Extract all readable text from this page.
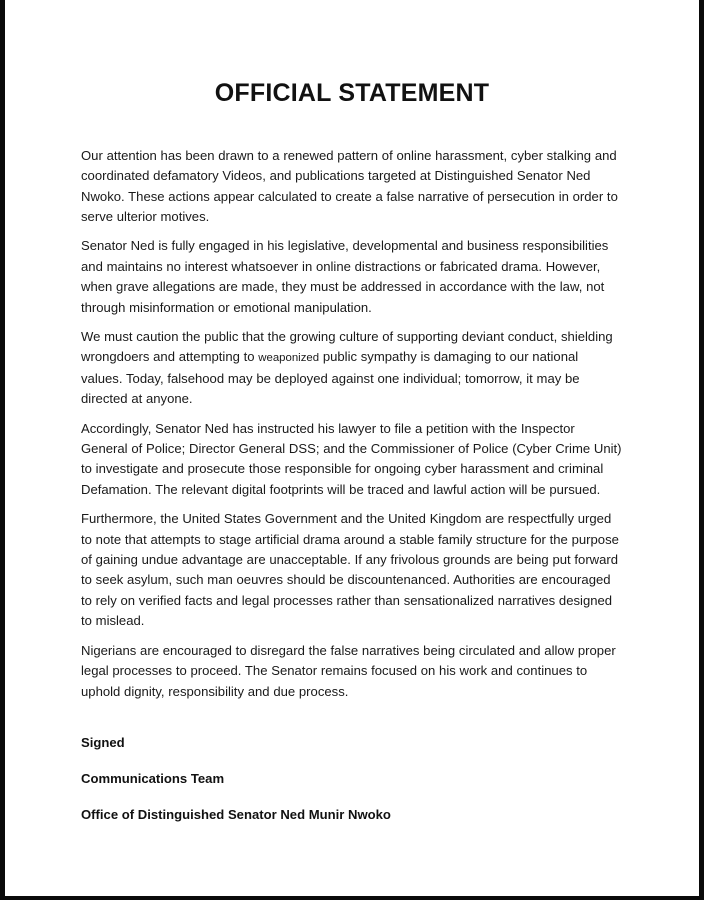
OFFICIAL STATEMENT

Our attention has been drawn to a renewed pattern of online harassment, cyber stalking and coordinated defamatory Videos, and publications targeted at Distinguished Senator Ned Nwoko. These actions appear calculated to create a false narrative of persecution in order to serve ulterior motives.

Senator Ned is fully engaged in his legislative, developmental and business responsibilities and maintains no interest whatsoever in online distractions or fabricated drama. However, when grave allegations are made, they must be addressed in accordance with the law, not through misinformation or emotional manipulation.

We must caution the public that the growing culture of supporting deviant conduct, shielding wrongdoers and attempting to weaponized public sympathy is damaging to our national values. Today, falsehood may be deployed against one individual; tomorrow, it may be directed at anyone.

Accordingly, Senator Ned has instructed his lawyer to file a petition with the Inspector General of Police; Director General DSS; and the Commissioner of Police (Cyber Crime Unit) to investigate and prosecute those responsible for ongoing cyber harassment and criminal Defamation. The relevant digital footprints will be traced and lawful action will be pursued.

Furthermore, the United States Government and the United Kingdom are respectfully urged to note that attempts to stage artificial drama around a stable family structure for the purpose of gaining undue advantage are unacceptable. If any frivolous grounds are being put forward to seek asylum, such man oeuvres should be discountenanced. Authorities are encouraged to rely on verified facts and legal processes rather than sensationalized narratives designed to mislead.

Nigerians are encouraged to disregard the false narratives being circulated and allow proper legal processes to proceed. The Senator remains focused on his work and continues to uphold dignity, responsibility and due process.

Signed

Communications Team

Office of Distinguished Senator Ned Munir Nwoko
